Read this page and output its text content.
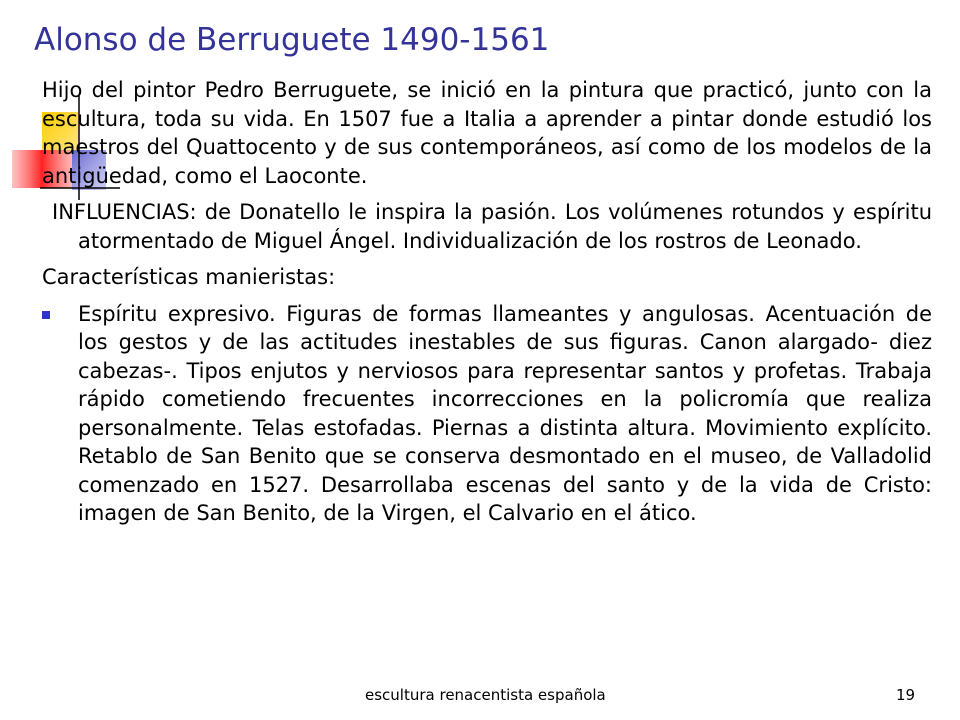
Alonso de Berruguete 1490-1561
Hijo del pintor Pedro Berruguete, se inició en la pintura que practicó, junto con la escultura, toda su vida. En 1507 fue a Italia a aprender a pintar donde estudió los maestros del Quattocento y de sus contemporáneos, así como de los modelos de la antigüedad, como el Laoconte.
INFLUENCIAS: de Donatello le inspira la pasión. Los volúmenes rotundos y espíritu atormentado de Miguel Ángel. Individualización de los rostros de Leonado.
Características manieristas:
Espíritu expresivo. Figuras de formas llameantes y angulosas. Acentuación de los gestos y de las actitudes inestables de sus figuras. Canon alargado- diez cabezas-. Tipos enjutos y nerviosos para representar santos y profetas. Trabaja rápido cometiendo frecuentes incorrecciones en la policromía que realiza personalmente. Telas estofadas. Piernas a distinta altura. Movimiento explícito. Retablo de San Benito que se conserva desmontado en el museo, de Valladolid comenzado en 1527. Desarrollaba escenas del santo y de la vida de Cristo: imagen de San Benito, de la Virgen, el Calvario en el ático.
escultura renacentista española	19
